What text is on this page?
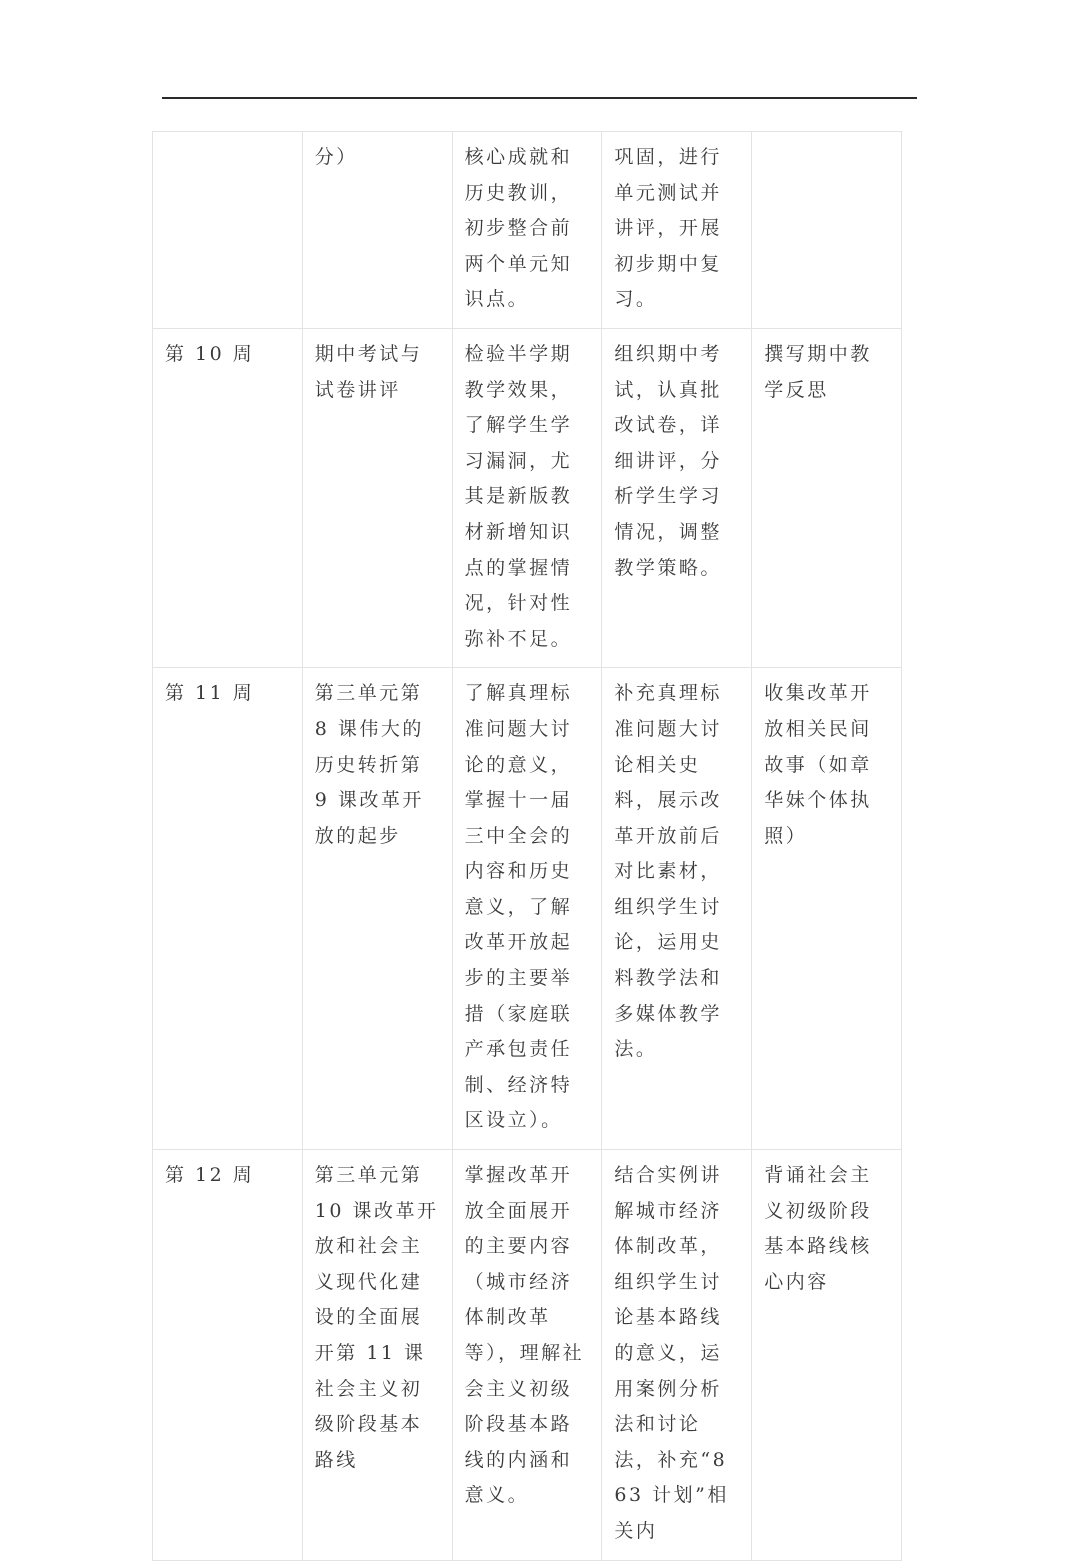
	分）	核心成就和历史教训，初步整合前两个单元知识点。	巩固，进行单元测试并讲评，开展初步期中复习。	
第 10 周	期中考试与试卷讲评	检验半学期教学效果，了解学生学习漏洞，尤其是新版教材新增知识点的掌握情况，针对性弥补不足。	组织期中考试，认真批改试卷，详细讲评，分析学生学习情况，调整教学策略。	撰写期中教学反思
第 11 周	第三单元第 8 课伟大的历史转折第 9 课改革开放的起步	了解真理标准问题大讨论的意义，掌握十一届三中全会的内容和历史意义，了解改革开放起步的主要举措（家庭联产承包责任制、经济特区设立）。	补充真理标准问题大讨论相关史料，展示改革开放前后对比素材，组织学生讨论，运用史料教学法和多媒体教学法。	收集改革开放相关民间故事（如章华妹个体执照）
第 12 周	第三单元第 10 课改革开放和社会主义现代化建设的全面展开第 11 课社会主义初级阶段基本路线	掌握改革开放全面展开的主要内容（城市经济体制改革等），理解社会主义初级阶段基本路线的内涵和意义。	结合实例讲解城市经济体制改革，组织学生讨论基本路线的意义，运用案例分析法和讨论法，补充“863 计划”相关内	背诵社会主义初级阶段基本路线核心内容
